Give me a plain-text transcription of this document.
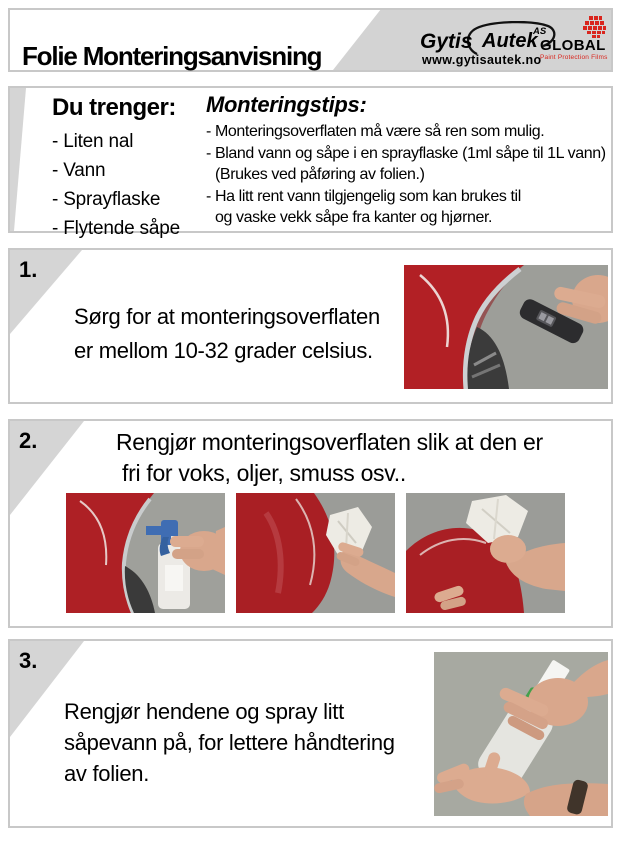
Folie Monteringsanvisning	Gytis Autek
AS
www.gytisautek.no
GLOBAL
Paint Protection Films
Du trenger:
- Liten nal
- Vann
- Sprayflaske
- Flytende såpe
Monteringstips:
- Monteringsoverflaten må være så ren som mulig.
- Bland vann og såpe i en sprayflaske (1ml såpe til 1L vann)
(Brukes ved påføring av folien.)
- Ha litt rent vann tilgjengelig som kan brukes til
og vaske vekk såpe fra kanter og hjørner.
1.
Sørg for at monteringsoverflaten
er mellom 10-32 grader celsius.
2.	Rengjør monteringsoverflaten slik at den er
fri for voks, oljer, smuss osv..
3.
Rengjør hendene og spray litt
såpevann på, for lettere håndtering
av folien.
